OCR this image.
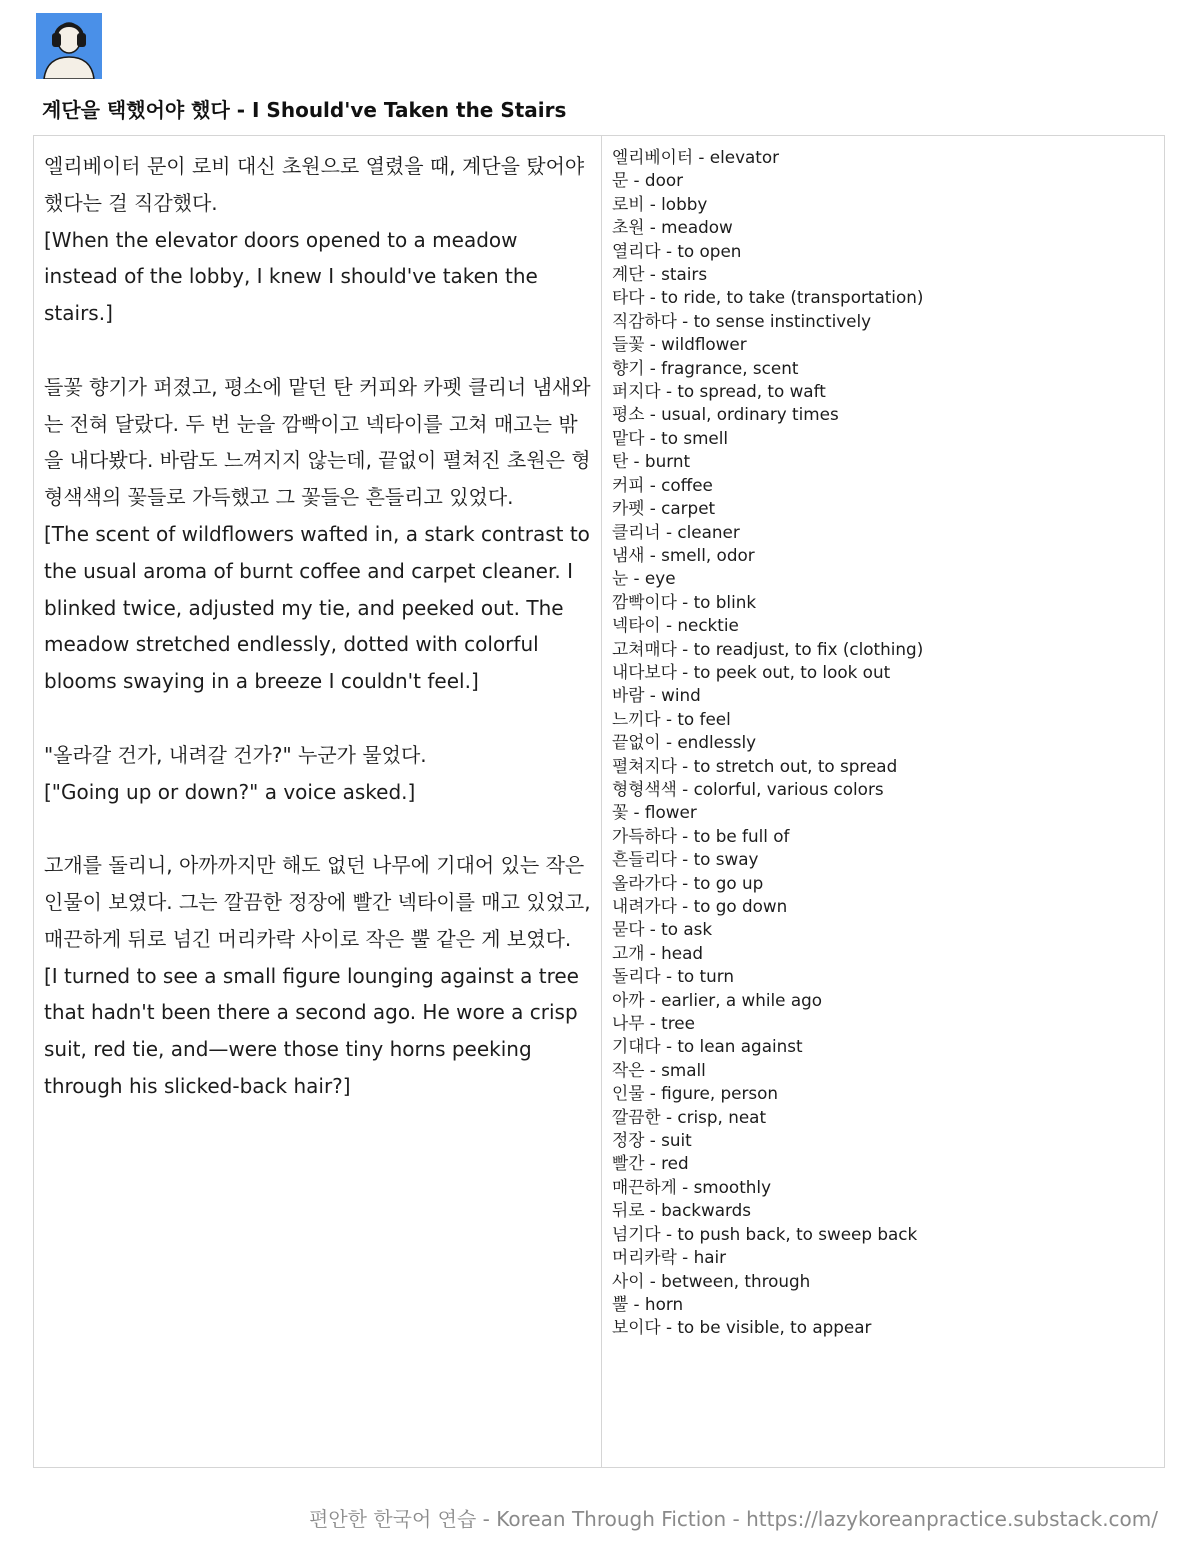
계단을 택했어야 했다 - I Should've Taken the Stairs

엘리베이터 문이 로비 대신 초원으로 열렸을 때, 계단을 탔어야 했다는 걸 직감했다.

[When the elevator doors opened to a meadow instead of the lobby, I knew I should've taken the stairs.]

들꽃 향기가 퍼졌고, 평소에 맡던 탄 커피와 카펫 클리너 냄새와는 전혀 달랐다. 두 번 눈을 깜빡이고 넥타이를 고쳐 매고는 밖을 내다봤다. 바람도 느껴지지 않는데, 끝없이 펼쳐진 초원은 형형색색의 꽃들로 가득했고 그 꽃들은 흔들리고 있었다.

[The scent of wildflowers wafted in, a stark contrast to the usual aroma of burnt coffee and carpet cleaner. I blinked twice, adjusted my tie, and peeked out. The meadow stretched endlessly, dotted with colorful blooms swaying in a breeze I couldn't feel.]

"올라갈 건가, 내려갈 건가?" 누군가 물었다.

["Going up or down?" a voice asked.]

고개를 돌리니, 아까까지만 해도 없던 나무에 기대어 있는 작은 인물이 보였다. 그는 깔끔한 정장에 빨간 넥타이를 매고 있었고, 매끈하게 뒤로 넘긴 머리카락 사이로 작은 뿔 같은 게 보였다.

[I turned to see a small figure lounging against a tree that hadn't been there a second ago. He wore a crisp suit, red tie, and—were those tiny horns peeking through his slicked-back hair?]

엘리베이터 - elevator
문 - door
로비 - lobby
초원 - meadow
열리다 - to open
계단 - stairs
타다 - to ride, to take (transportation)
직감하다 - to sense instinctively
들꽃 - wildflower
향기 - fragrance, scent
퍼지다 - to spread, to waft
평소 - usual, ordinary times
맡다 - to smell
탄 - burnt
커피 - coffee
카펫 - carpet
클리너 - cleaner
냄새 - smell, odor
눈 - eye
깜빡이다 - to blink
넥타이 - necktie
고쳐매다 - to readjust, to fix (clothing)
내다보다 - to peek out, to look out
바람 - wind
느끼다 - to feel
끝없이 - endlessly
펼쳐지다 - to stretch out, to spread
형형색색 - colorful, various colors
꽃 - flower
가득하다 - to be full of
흔들리다 - to sway
올라가다 - to go up
내려가다 - to go down
묻다 - to ask
고개 - head
돌리다 - to turn
아까 - earlier, a while ago
나무 - tree
기대다 - to lean against
작은 - small
인물 - figure, person
깔끔한 - crisp, neat
정장 - suit
빨간 - red
매끈하게 - smoothly
뒤로 - backwards
넘기다 - to push back, to sweep back
머리카락 - hair
사이 - between, through
뿔 - horn
보이다 - to be visible, to appear
편안한 한국어 연습 - Korean Through Fiction - https://lazykoreanpractice.substack.com/
